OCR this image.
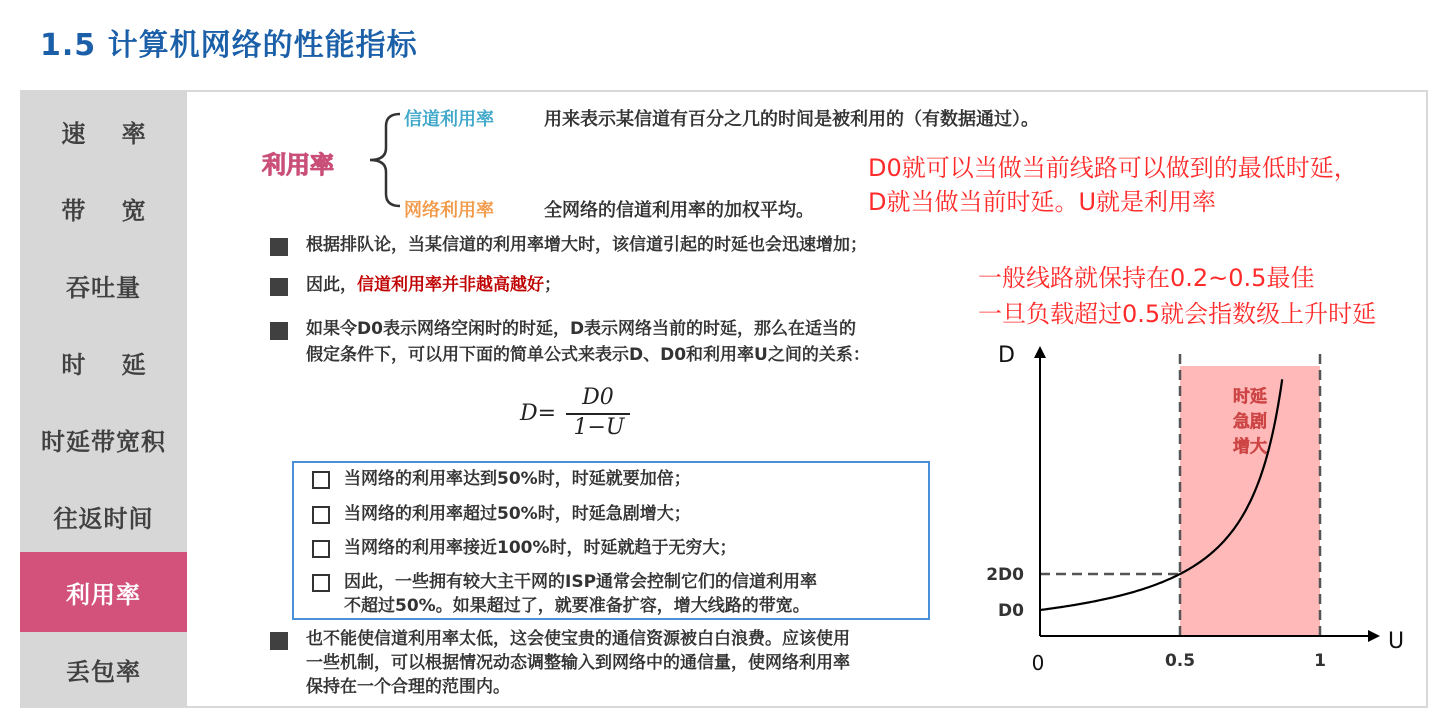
1.5 计算机网络的性能指标
速 率
带 宽
吞吐量
时 延
时延带宽积
往返时间
利用率
丢包率
利用率
信道利用率	用来表示某信道有百分之几的时间是被利用的（有数据通过）。
网络利用率	全网络的信道利用率的加权平均。
D0就可以当做当前线路可以做到的最低时延，
D就当做当前时延。U就是利用率
一般线路就保持在0.2~0.5最佳
一旦负载超过0.5就会指数级上升时延
根据排队论，当某信道的利用率增大时，该信道引起的时延也会迅速增加；
因此，信道利用率并非越高越好；
如果令D0表示网络空闲时的时延，D表示网络当前的时延，那么在适当的
假定条件下，可以用下面的简单公式来表示D、D0和利用率U之间的关系：
D=
D0
1−U
当网络的利用率达到50%时，时延就要加倍；
当网络的利用率超过50%时，时延急剧增大；
当网络的利用率接近100%时，时延就趋于无穷大；
因此，一些拥有较大主干网的ISP通常会控制它们的信道利用率
不超过50%。如果超过了，就要准备扩容，增大线路的带宽。
也不能使信道利用率太低，这会使宝贵的通信资源被白白浪费。应该使用
一些机制，可以根据情况动态调整输入到网络中的通信量，使网络利用率
保持在一个合理的范围内。
时延
急剧
增大
D
U
0	0.5	1
D0
2D0
